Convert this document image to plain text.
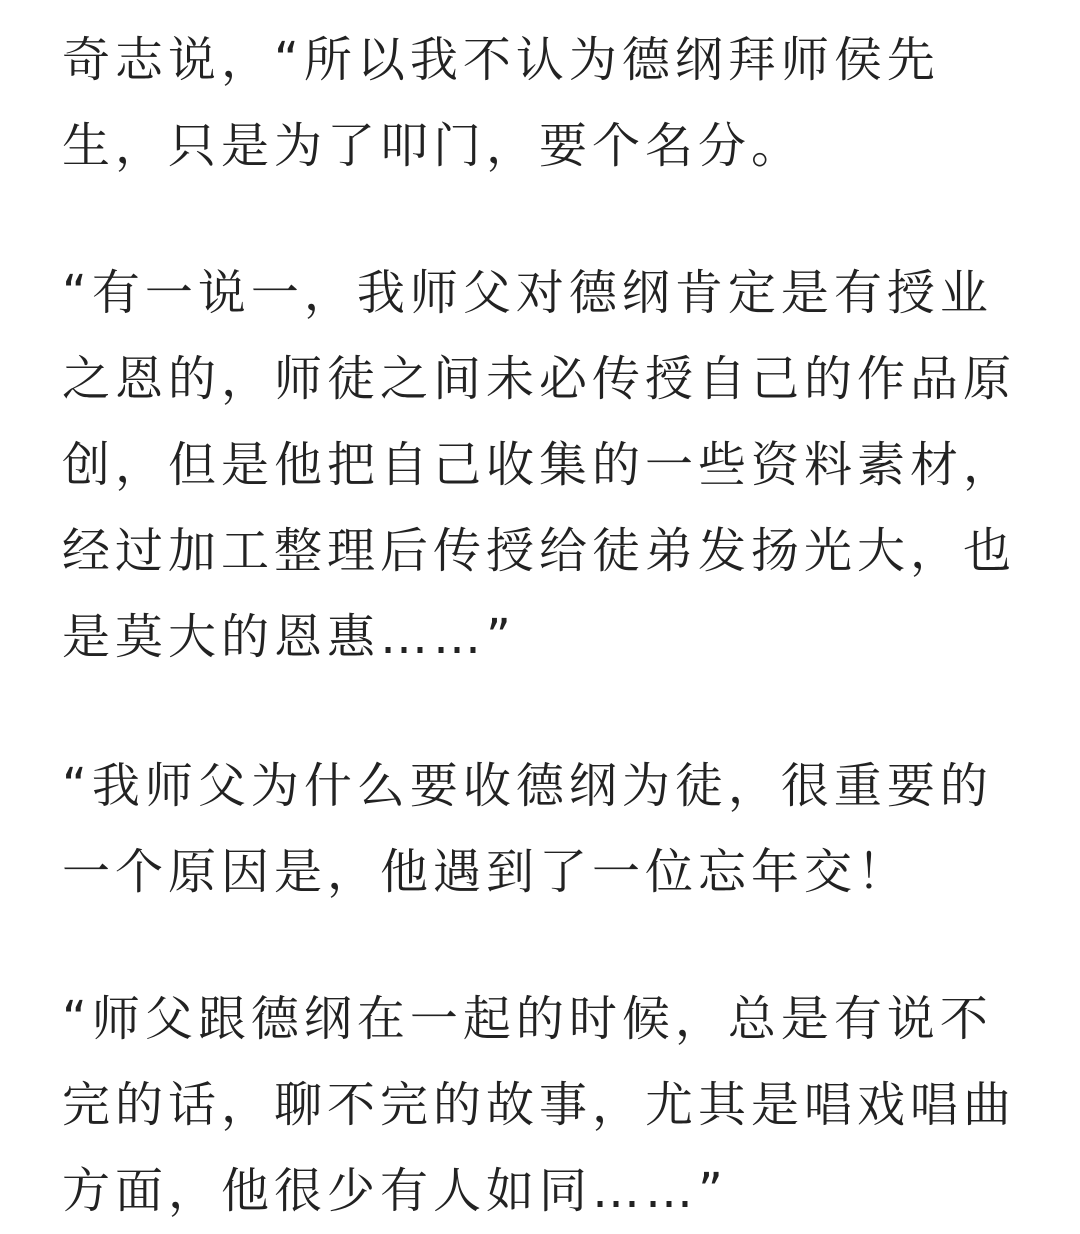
奇志说，“所以我不认为德纲拜师侯先
生，只是为了叩门，要个名分。

“有一说一，我师父对德纲肯定是有授业
之恩的，师徒之间未必传授自己的作品原
创，但是他把自己收集的一些资料素材，
经过加工整理后传授给徒弟发扬光大，也
是莫大的恩惠……”

“我师父为什么要收德纲为徒，很重要的
一个原因是，他遇到了一位忘年交！

“师父跟德纲在一起的时候，总是有说不
完的话，聊不完的故事，尤其是唱戏唱曲
方面，他很少有人如同……”
